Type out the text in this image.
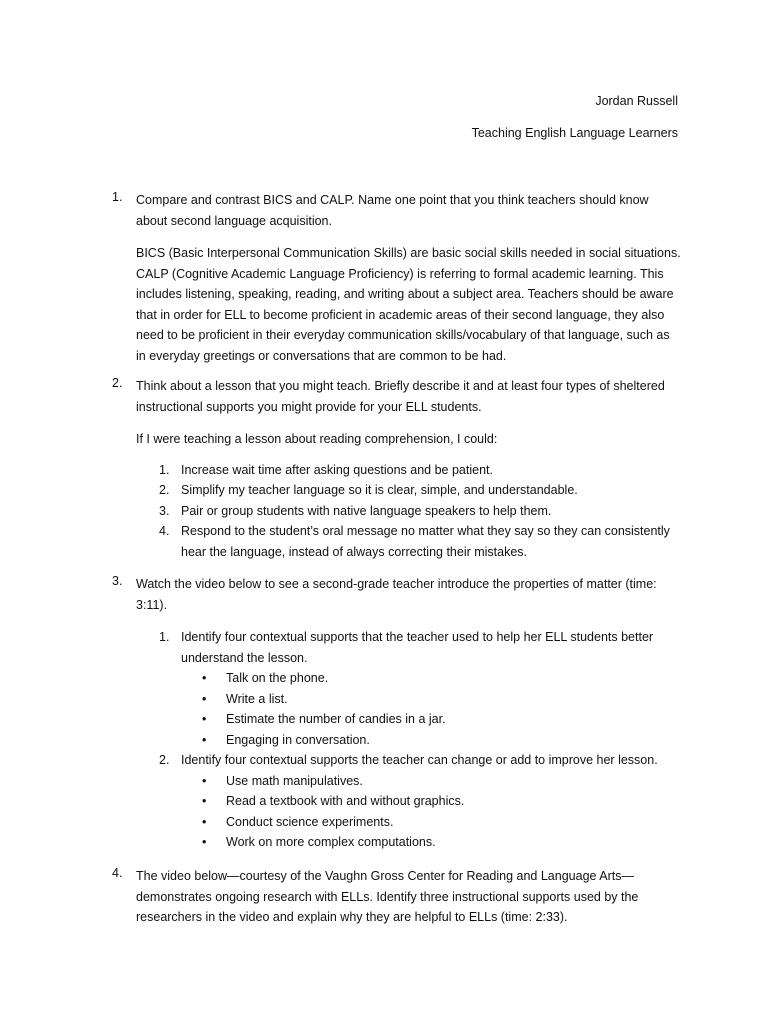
Jordan Russell
Teaching English Language Learners
1. Compare and contrast BICS and CALP. Name one point that you think teachers should know about second language acquisition.
BICS (Basic Interpersonal Communication Skills) are basic social skills needed in social situations. CALP (Cognitive Academic Language Proficiency) is referring to formal academic learning. This includes listening, speaking, reading, and writing about a subject area. Teachers should be aware that in order for ELL to become proficient in academic areas of their second language, they also need to be proficient in their everyday communication skills/vocabulary of that language, such as in everyday greetings or conversations that are common to be had.
2. Think about a lesson that you might teach. Briefly describe it and at least four types of sheltered instructional supports you might provide for your ELL students.
If I were teaching a lesson about reading comprehension, I could:
1. Increase wait time after asking questions and be patient.
2. Simplify my teacher language so it is clear, simple, and understandable.
3. Pair or group students with native language speakers to help them.
4. Respond to the student’s oral message no matter what they say so they can consistently hear the language, instead of always correcting their mistakes.
3. Watch the video below to see a second-grade teacher introduce the properties of matter (time: 3:11).
1. Identify four contextual supports that the teacher used to help her ELL students better understand the lesson.
• Talk on the phone.
• Write a list.
• Estimate the number of candies in a jar.
• Engaging in conversation.
2. Identify four contextual supports the teacher can change or add to improve her lesson.
• Use math manipulatives.
• Read a textbook with and without graphics.
• Conduct science experiments.
• Work on more complex computations.
4. The video below—courtesy of the Vaughn Gross Center for Reading and Language Arts—demonstrates ongoing research with ELLs. Identify three instructional supports used by the researchers in the video and explain why they are helpful to ELLs (time: 2:33).
